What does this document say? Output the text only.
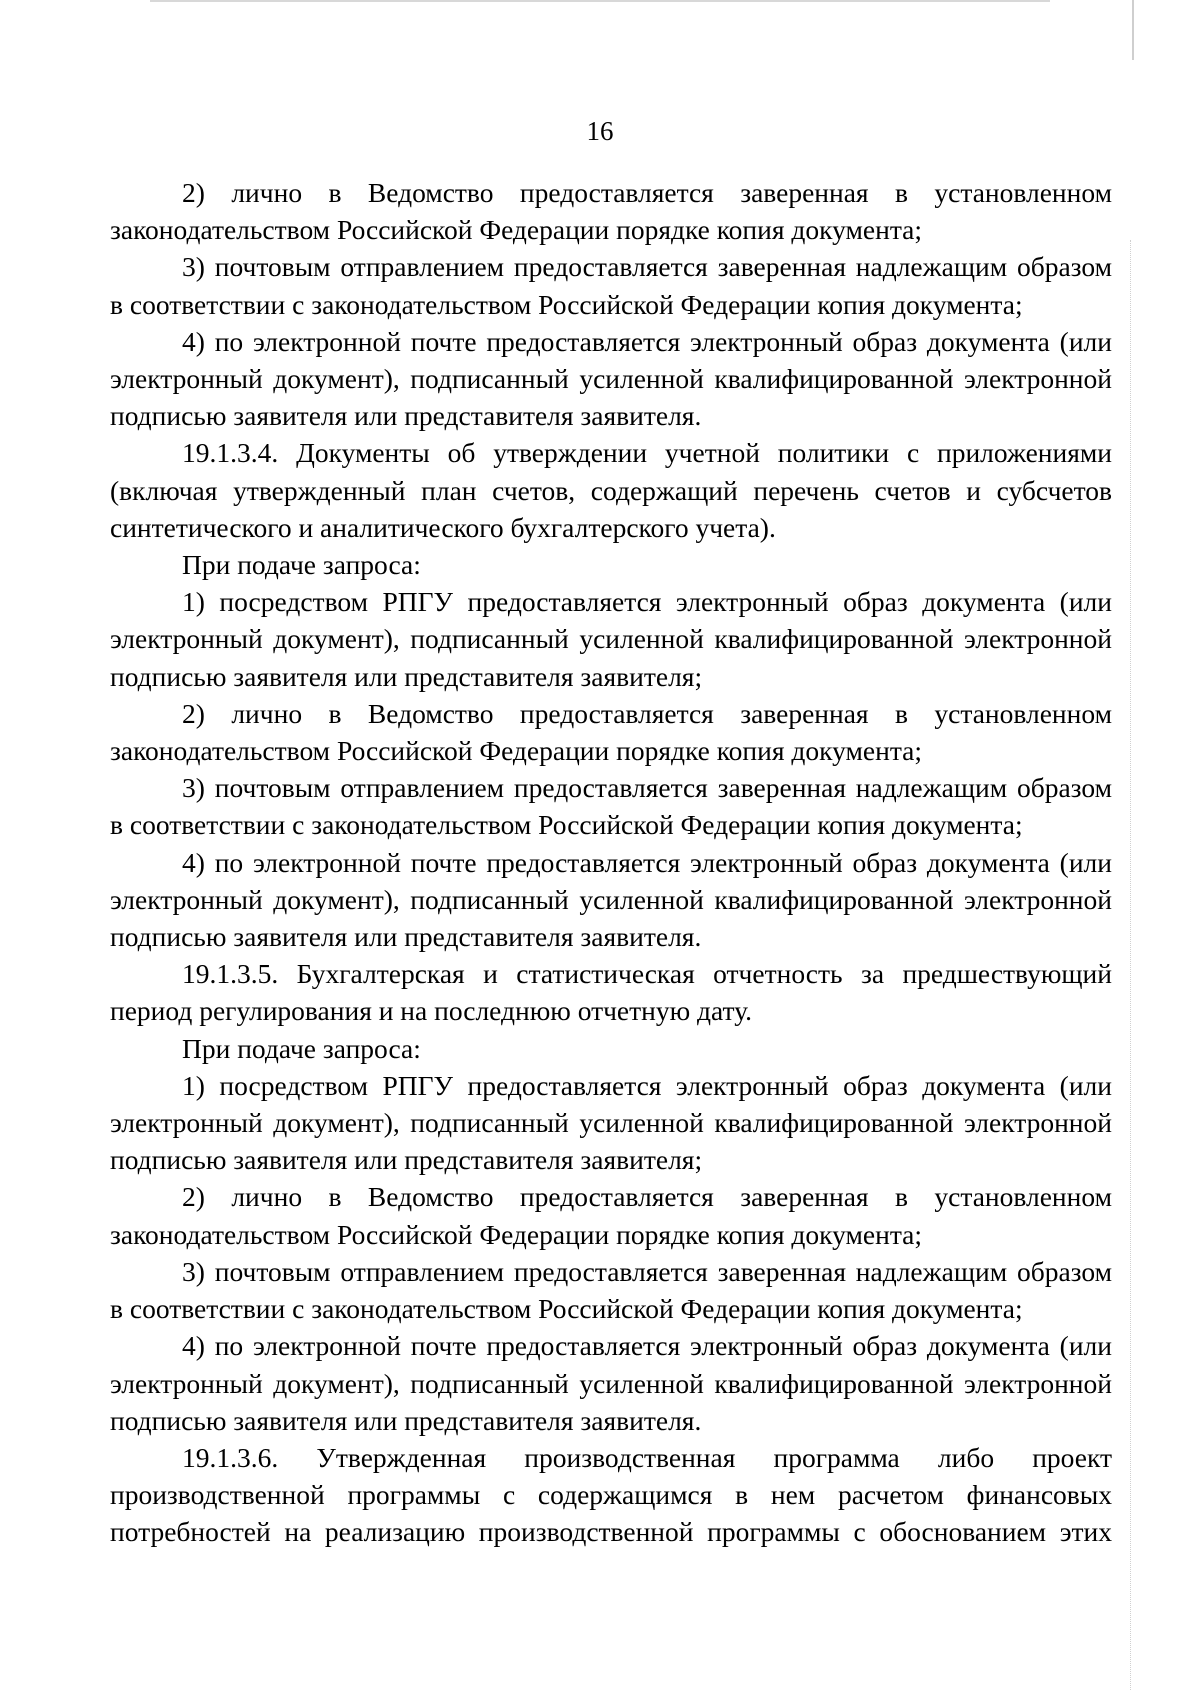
16

2) лично в Ведомство предоставляется заверенная в установленном законодательством Российской Федерации порядке копия документа;

3) почтовым отправлением предоставляется заверенная надлежащим образом в соответствии с законодательством Российской Федерации копия документа;

4) по электронной почте предоставляется электронный образ документа (или электронный документ), подписанный усиленной квалифицированной электронной подписью заявителя или представителя заявителя.

19.1.3.4. Документы об утверждении учетной политики с приложениями (включая утвержденный план счетов, содержащий перечень счетов и субсчетов синтетического и аналитического бухгалтерского учета).

При подаче запроса:

1) посредством РПГУ предоставляется электронный образ документа (или электронный документ), подписанный усиленной квалифицированной электронной подписью заявителя или представителя заявителя;

2) лично в Ведомство предоставляется заверенная в установленном законодательством Российской Федерации порядке копия документа;

3) почтовым отправлением предоставляется заверенная надлежащим образом в соответствии с законодательством Российской Федерации копия документа;

4) по электронной почте предоставляется электронный образ документа (или электронный документ), подписанный усиленной квалифицированной электронной подписью заявителя или представителя заявителя.

19.1.3.5. Бухгалтерская и статистическая отчетность за предшествующий период регулирования и на последнюю отчетную дату.

При подаче запроса:

1) посредством РПГУ предоставляется электронный образ документа (или электронный документ), подписанный усиленной квалифицированной электронной подписью заявителя или представителя заявителя;

2) лично в Ведомство предоставляется заверенная в установленном законодательством Российской Федерации порядке копия документа;

3) почтовым отправлением предоставляется заверенная надлежащим образом в соответствии с законодательством Российской Федерации копия документа;

4) по электронной почте предоставляется электронный образ документа (или электронный документ), подписанный усиленной квалифицированной электронной подписью заявителя или представителя заявителя.

19.1.3.6. Утвержденная производственная программа либо проект производственной программы с содержащимся в нем расчетом финансовых потребностей на реализацию производственной программы с обоснованием этих
